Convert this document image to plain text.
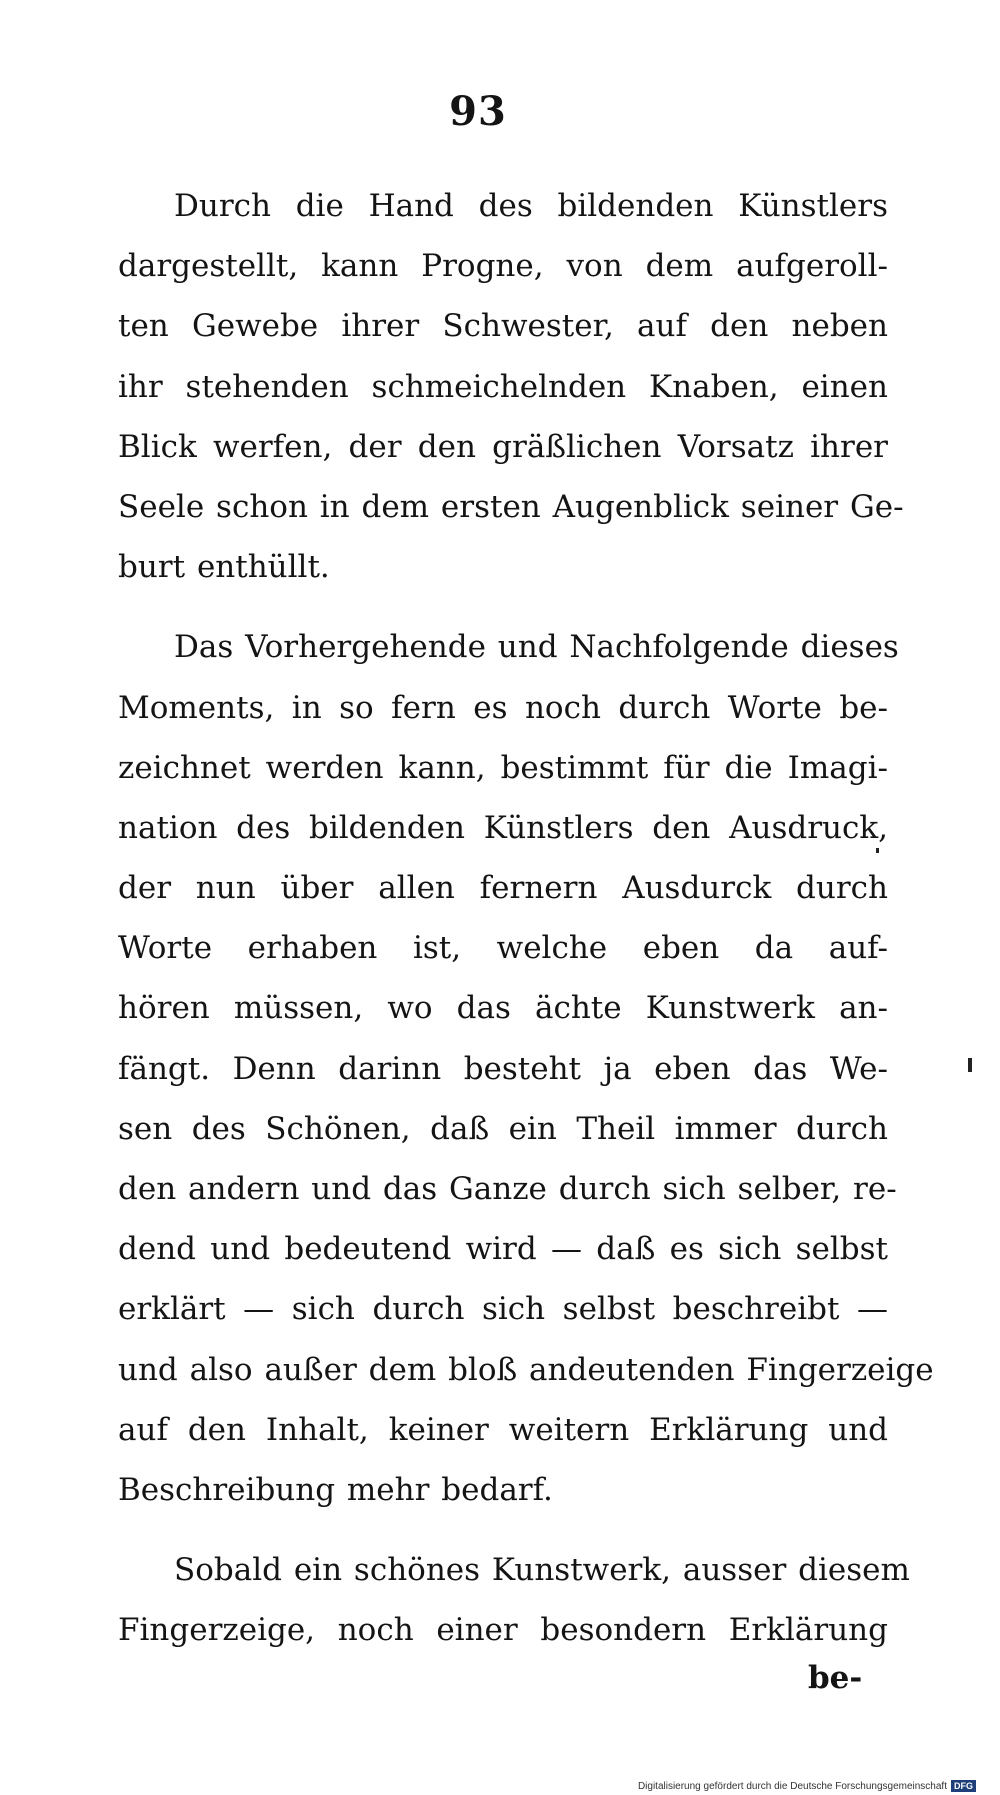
93
Durch die Hand des bildenden Künstlers
dargestellt, kann Progne, von dem aufgeroll-
ten Gewebe ihrer Schwester, auf den neben
ihr stehenden schmeichelnden Knaben, einen
Blick werfen, der den gräßlichen Vorsatz ihrer
Seele schon in dem ersten Augenblick seiner Ge-
burt enthüllt.
Das Vorhergehende und Nachfolgende dieses
Moments, in so fern es noch durch Worte be-
zeichnet werden kann, bestimmt für die Imagi-
nation des bildenden Künstlers den Ausdruck,
der nun über allen fernern Ausdurck durch
Worte erhaben ist, welche eben da auf-
hören müssen, wo das ächte Kunstwerk an-
fängt. Denn darinn besteht ja eben das We-
sen des Schönen, daß ein Theil immer durch
den andern und das Ganze durch sich selber, re-
dend und bedeutend wird — daß es sich selbst
erklärt — sich durch sich selbst beschreibt —
und also außer dem bloß andeutenden Fingerzeige
auf den Inhalt, keiner weitern Erklärung und
Beschreibung mehr bedarf.
Sobald ein schönes Kunstwerk, ausser diesem
Fingerzeige, noch einer besondern Erklärung
be-
Digitalisierung gefördert durch die Deutsche Forschungsgemeinschaft DFG
